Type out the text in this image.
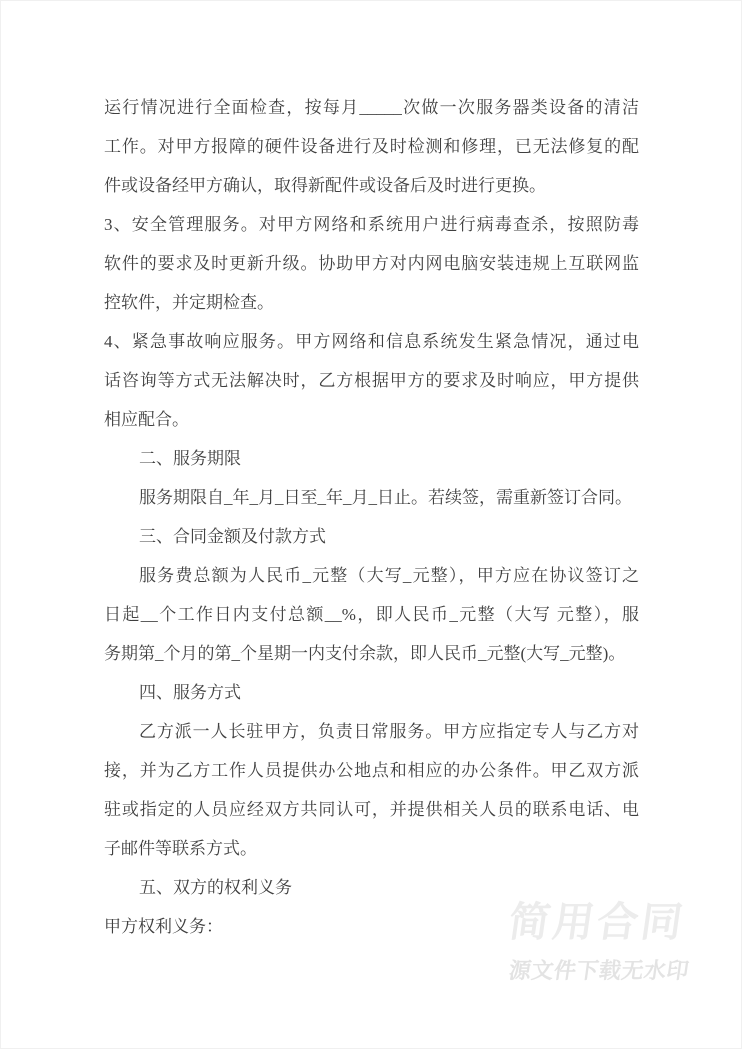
运行情况进行全面检查，按每月_____次做一次服务器类设备的清洁
工作。对甲方报障的硬件设备进行及时检测和修理，已无法修复的配
件或设备经甲方确认，取得新配件或设备后及时进行更换。

3、安全管理服务。对甲方网络和系统用户进行病毒查杀，按照防毒
软件的要求及时更新升级。协助甲方对内网电脑安装违规上互联网监
控软件，并定期检查。

4、紧急事故响应服务。甲方网络和信息系统发生紧急情况，通过电
话咨询等方式无法解决时，乙方根据甲方的要求及时响应，甲方提供
相应配合。

二、服务期限

服务期限自_年_月_日至_年_月_日止。若续签，需重新签订合同。

三、合同金额及付款方式

服务费总额为人民币_元整（大写_元整），甲方应在协议签订之
日起__个工作日内支付总额__%，即人民币_元整（大写 元整），服
务期第_个月的第_个星期一内支付余款，即人民币_元整(大写_元整)。

四、服务方式

乙方派一人长驻甲方，负责日常服务。甲方应指定专人与乙方对
接，并为乙方工作人员提供办公地点和相应的办公条件。甲乙双方派
驻或指定的人员应经双方共同认可，并提供相关人员的联系电话、电
子邮件等联系方式。

五、双方的权利义务

甲方权利义务：	简用合同
源文件下载无水印
